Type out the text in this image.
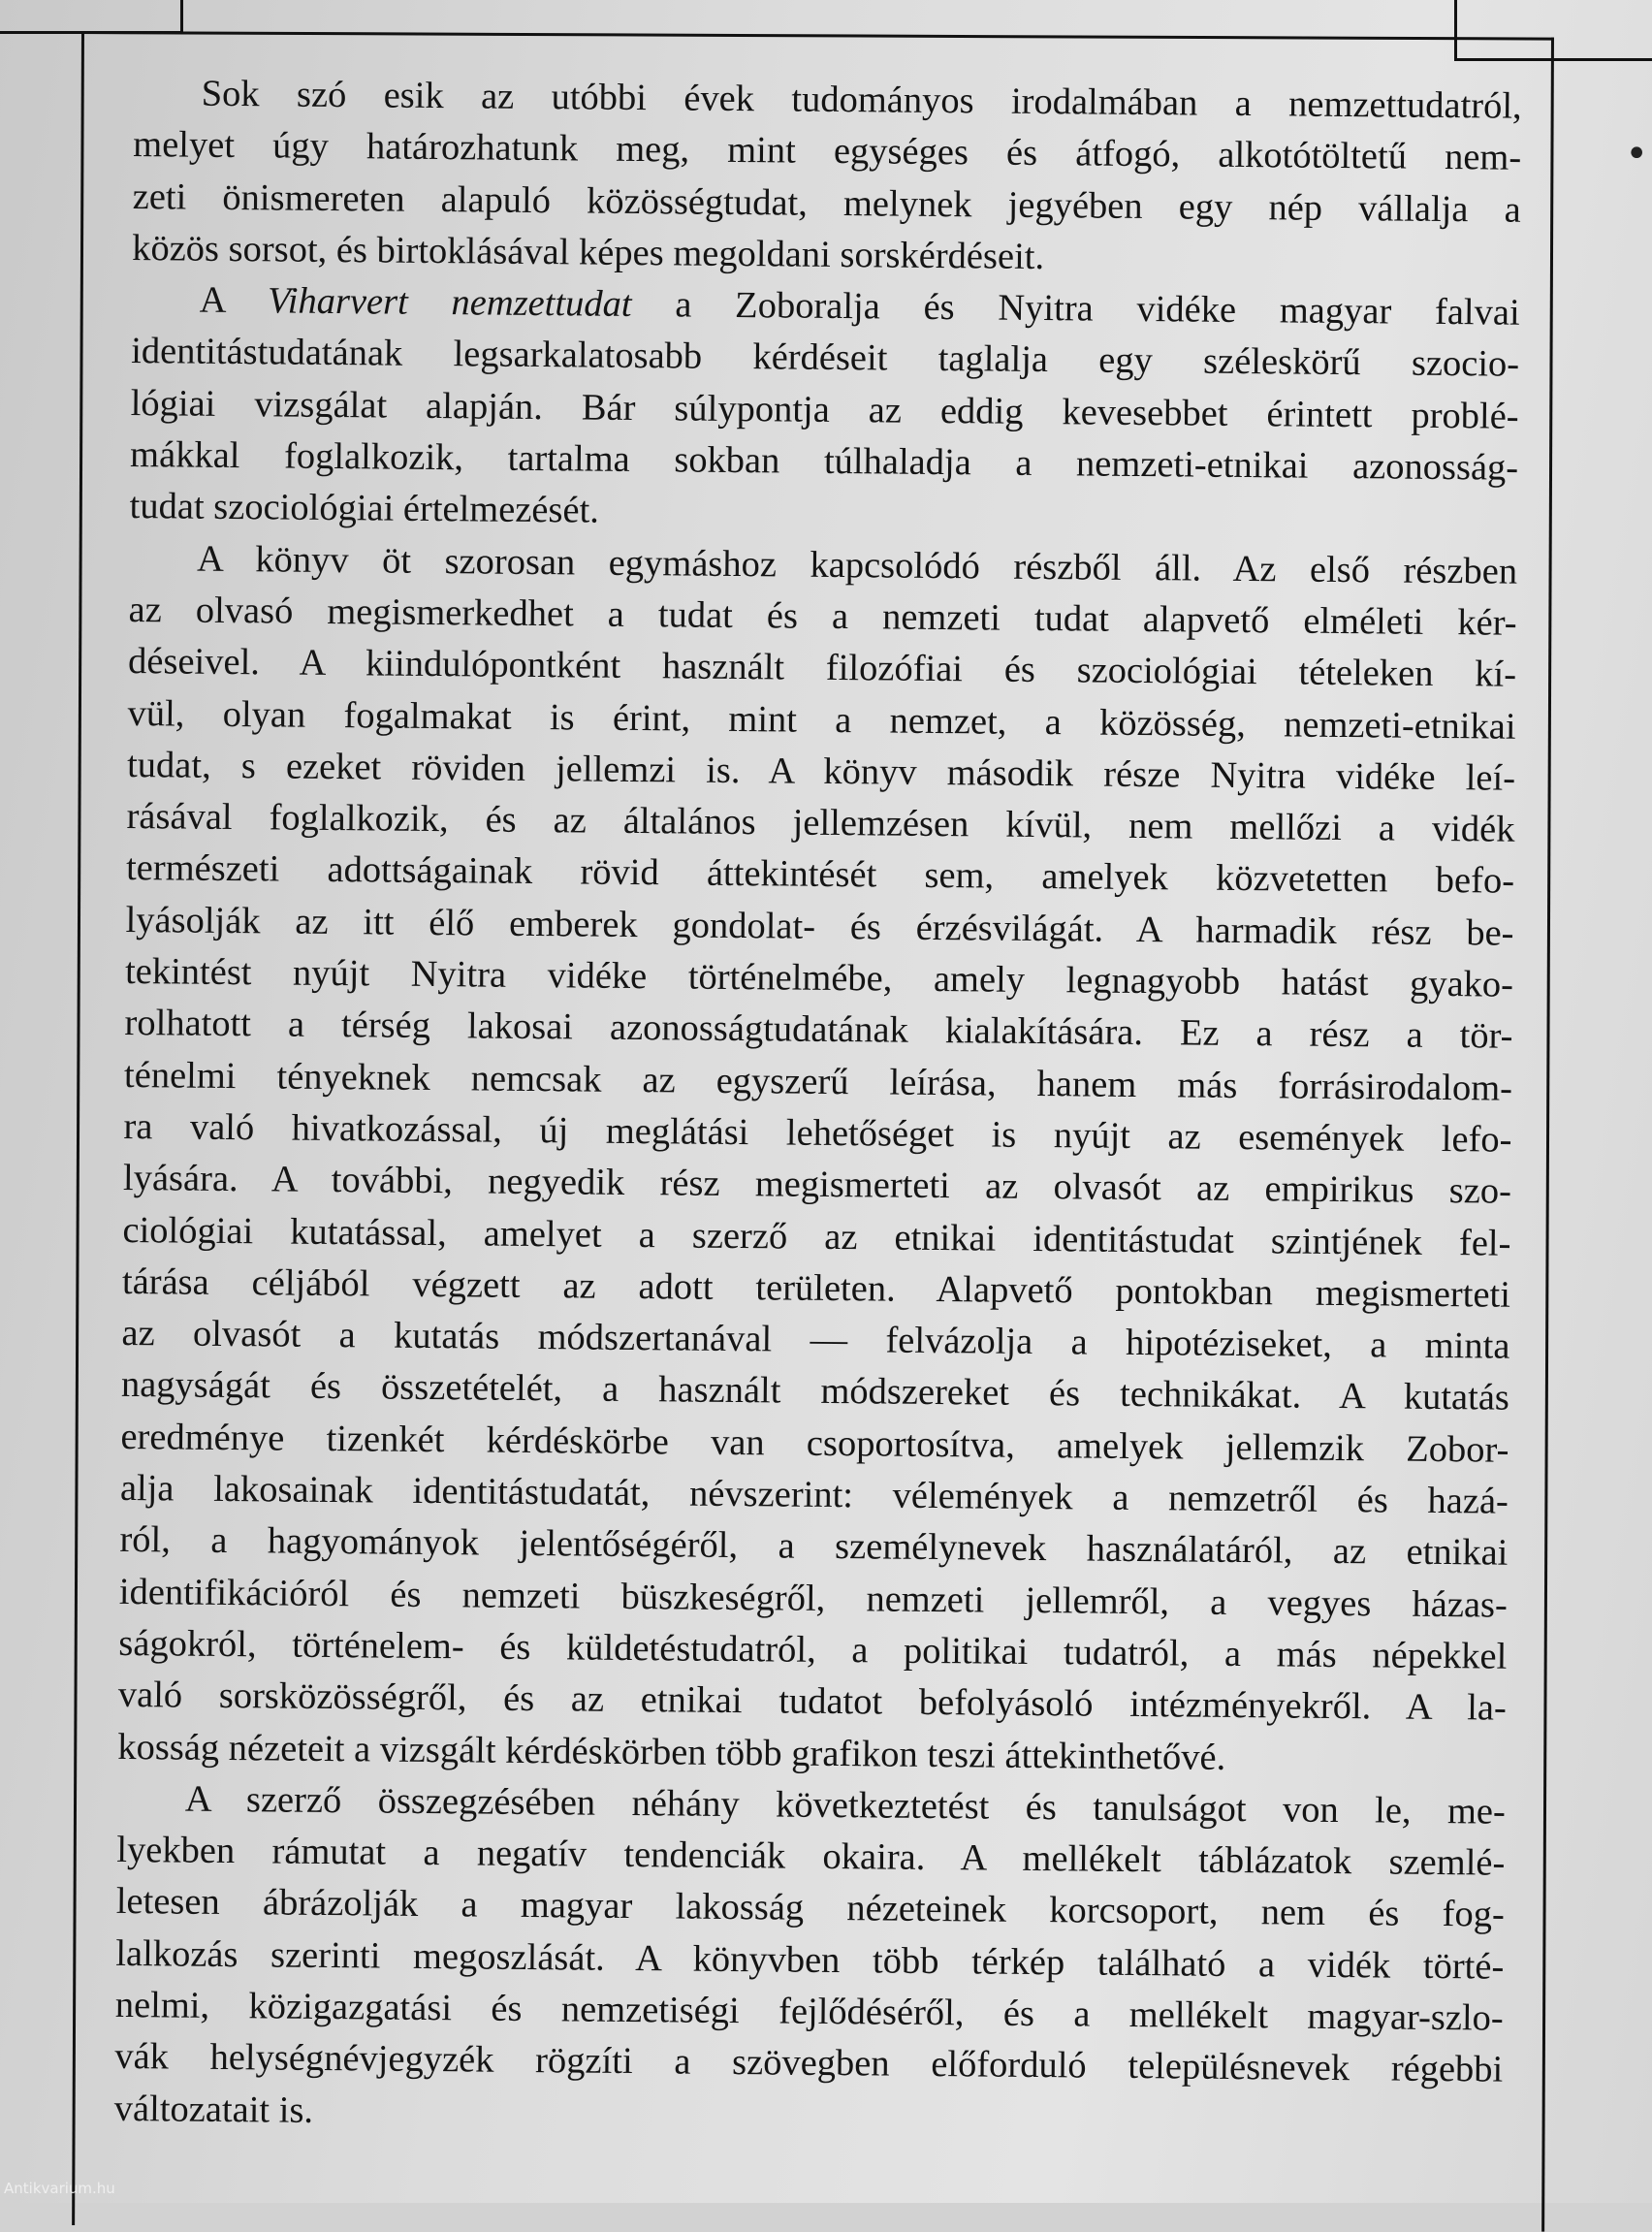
•
Sok szó esik az utóbbi évek tudományos irodalmában a nemzettudatról,
melyet úgy határozhatunk meg, mint egységes és átfogó, alkotótöltetű nem-
zeti önismereten alapuló közösségtudat, melynek jegyében egy nép vállalja a
közös sorsot, és birtoklásával képes megoldani sorskérdéseit.
A Viharvert nemzettudat a Zoboralja és Nyitra vidéke magyar falvai
identitástudatának legsarkalatosabb kérdéseit taglalja egy széleskörű szocio-
lógiai vizsgálat alapján. Bár súlypontja az eddig kevesebbet érintett problé-
mákkal foglalkozik, tartalma sokban túlhaladja a nemzeti-etnikai azonosság-
tudat szociológiai értelmezését.
A könyv öt szorosan egymáshoz kapcsolódó részből áll. Az első részben
az olvasó megismerkedhet a tudat és a nemzeti tudat alapvető elméleti kér-
déseivel. A kiindulópontként használt filozófiai és szociológiai tételeken kí-
vül, olyan fogalmakat is érint, mint a nemzet, a közösség, nemzeti-etnikai
tudat, s ezeket röviden jellemzi is. A könyv második része Nyitra vidéke leí-
rásával foglalkozik, és az általános jellemzésen kívül, nem mellőzi a vidék
természeti adottságainak rövid áttekintését sem, amelyek közvetetten befo-
lyásolják az itt élő emberek gondolat- és érzésvilágát. A harmadik rész be-
tekintést nyújt Nyitra vidéke történelmébe, amely legnagyobb hatást gyako-
rolhatott a térség lakosai azonosságtudatának kialakítására. Ez a rész a tör-
ténelmi tényeknek nemcsak az egyszerű leírása, hanem más forrásirodalom-
ra való hivatkozással, új meglátási lehetőséget is nyújt az események lefo-
lyására. A további, negyedik rész megismerteti az olvasót az empirikus szo-
ciológiai kutatással, amelyet a szerző az etnikai identitástudat szintjének fel-
tárása céljából végzett az adott területen. Alapvető pontokban megismerteti
az olvasót a kutatás módszertanával — felvázolja a hipotéziseket, a minta
nagyságát és összetételét, a használt módszereket és technikákat. A kutatás
eredménye tizenkét kérdéskörbe van csoportosítva, amelyek jellemzik Zobor-
alja lakosainak identitástudatát, névszerint: vélemények a nemzetről és hazá-
ról, a hagyományok jelentőségéről, a személynevek használatáról, az etnikai
identifikációról és nemzeti büszkeségről, nemzeti jellemről, a vegyes házas-
ságokról, történelem- és küldetéstudatról, a politikai tudatról, a más népekkel
való sorsközösségről, és az etnikai tudatot befolyásoló intézményekről. A la-
kosság nézeteit a vizsgált kérdéskörben több grafikon teszi áttekinthetővé.
A szerző összegzésében néhány következtetést és tanulságot von le, me-
lyekben rámutat a negatív tendenciák okaira. A mellékelt táblázatok szemlé-
letesen ábrázolják a magyar lakosság nézeteinek korcsoport, nem és fog-
lalkozás szerinti megoszlását. A könyvben több térkép található a vidék törté-
nelmi, közigazgatási és nemzetiségi fejlődéséről, és a mellékelt magyar-szlo-
vák helységnévjegyzék rögzíti a szövegben előforduló településnevek régebbi
változatait is.
Antikvarium.hu
